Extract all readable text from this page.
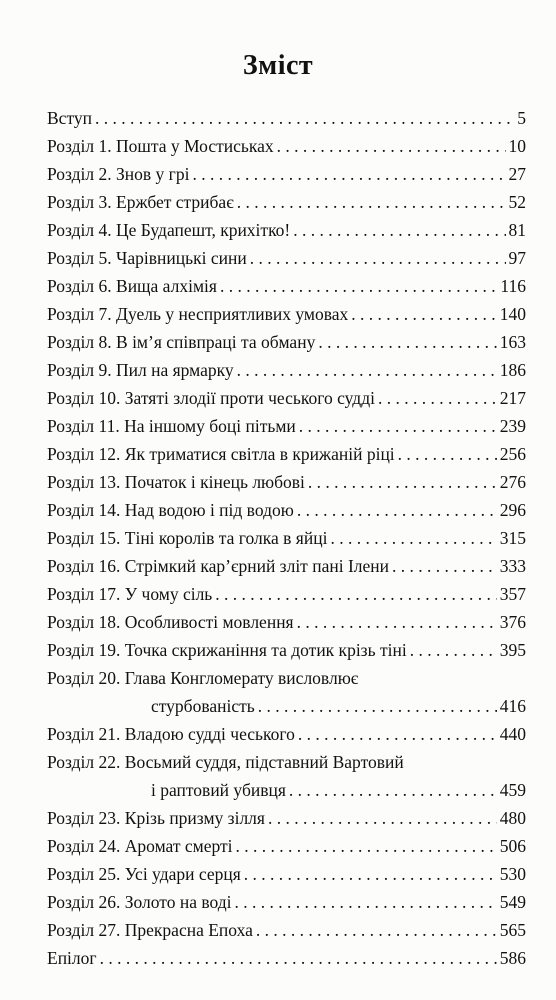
Зміст
Вступ . . .	5
Розділ 1. Пошта у Мостиськах . . .	10
Розділ 2. Знов у грі . . .	27
Розділ 3. Ержбет стрибає . . .	52
Розділ 4. Це Будапешт, крихітко! . . .	81
Розділ 5. Чарівницькі сини . . .	97
Розділ 6. Вища алхімія . . .	116
Розділ 7. Дуель у несприятливих умовах . . .	140
Розділ 8. В ім’я співпраці та обману . . .	163
Розділ 9. Пил на ярмарку . . .	186
Розділ 10. Затяті злодії проти чеського судді . . .	217
Розділ 11. На іншому боці пітьми . . .	239
Розділ 12. Як триматися світла в крижаній ріці . . .	256
Розділ 13. Початок і кінець любові . . .	276
Розділ 14. Над водою і під водою . . .	296
Розділ 15. Тіні королів та голка в яйці . . .	315
Розділ 16. Стрімкий кар’єрний зліт пані Ілени . . .	333
Розділ 17. У чому сіль . . .	357
Розділ 18. Особливості мовлення . . .	376
Розділ 19. Точка скрижаніння та дотик крізь тіні . . .	395
Розділ 20. Глава Конгломерату висловлює
стурбованість . . .	416
Розділ 21. Владою судді чеського . . .	440
Розділ 22. Восьмий суддя, підставний Вартовий
і раптовий убивця . . .	459
Розділ 23. Крізь призму зілля . . .	480
Розділ 24. Аромат смерті . . .	506
Розділ 25. Усі удари серця . . .	530
Розділ 26. Золото на воді . . .	549
Розділ 27. Прекрасна Епоха . . .	565
Епілог . . .	586
